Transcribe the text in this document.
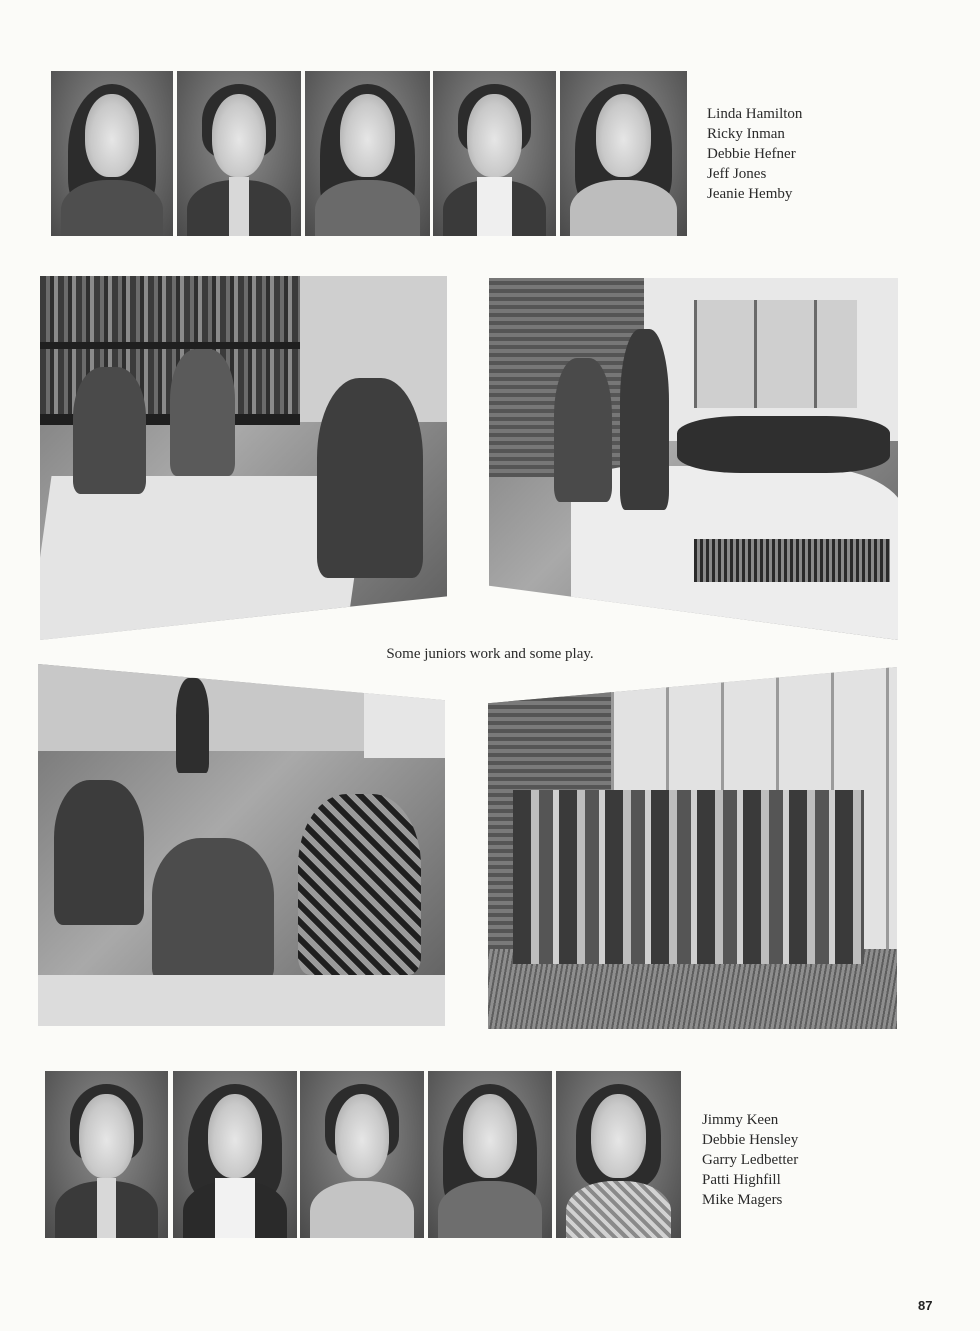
Linda Hamilton
Ricky Inman
Debbie Hefner
Jeff Jones
Jeanie Hemby
Some juniors work and some play.
Jimmy Keen
Debbie Hensley
Garry Ledbetter
Patti Highfill
Mike Magers
87
